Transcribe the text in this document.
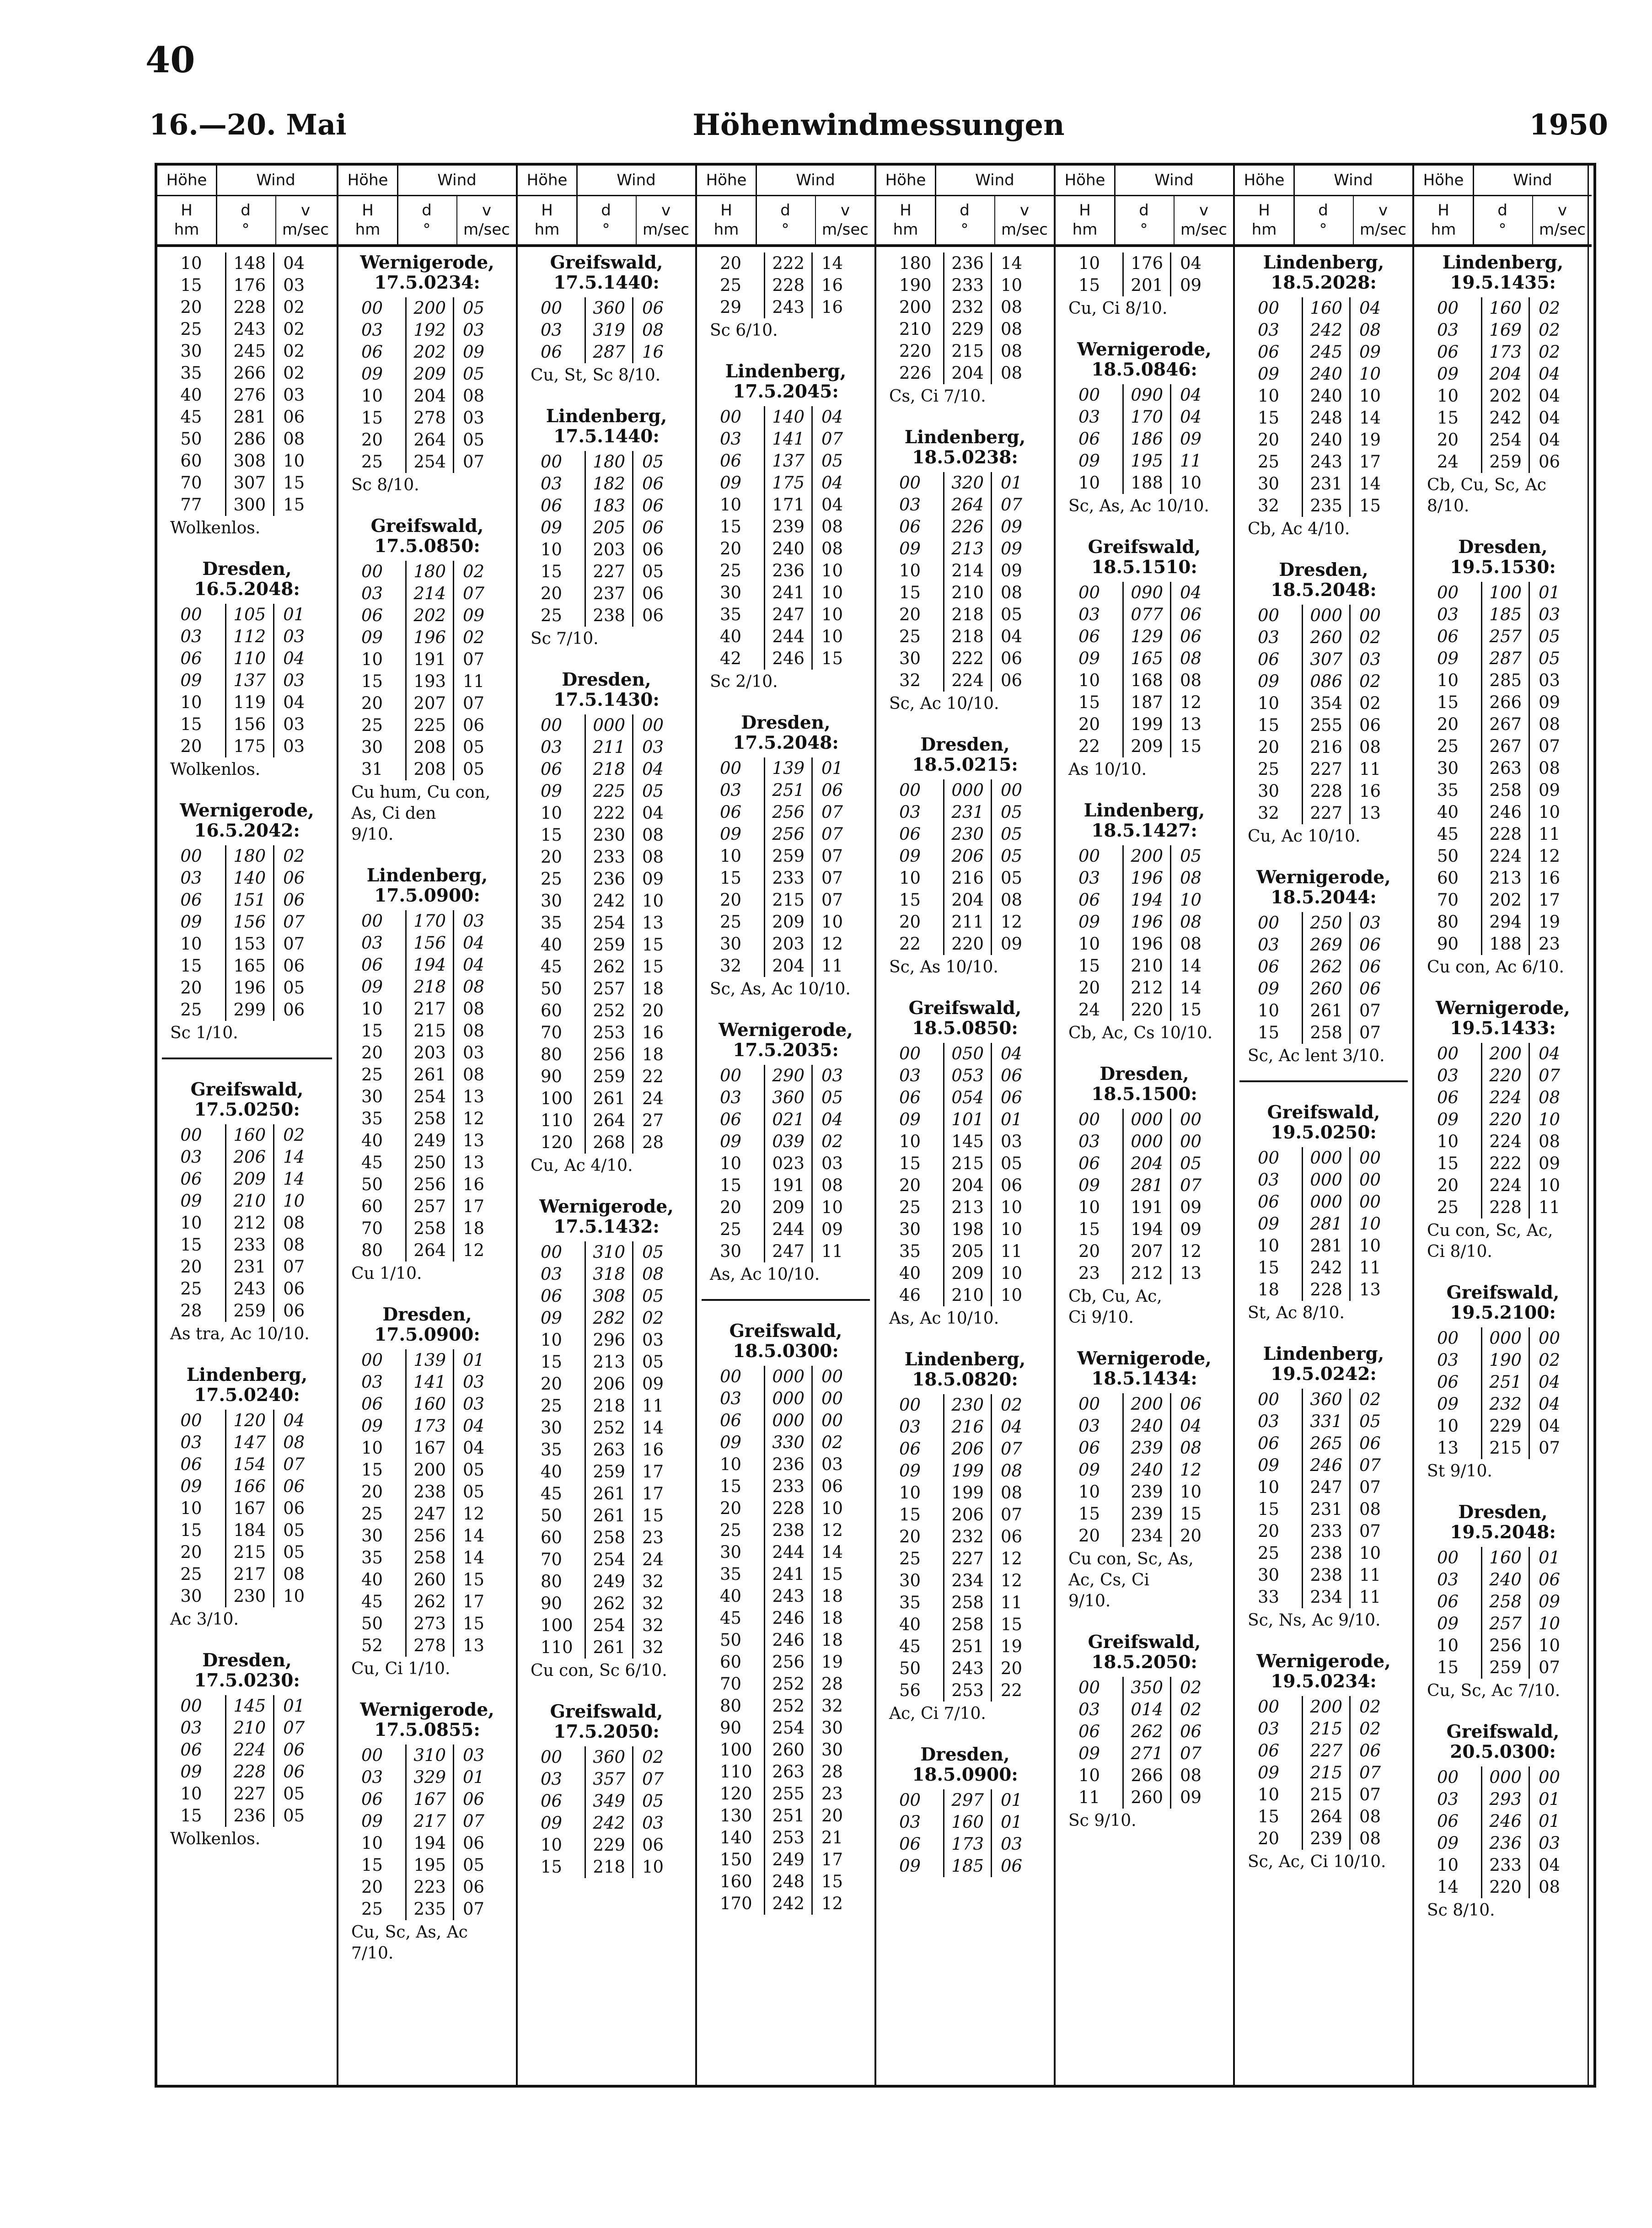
40
16.—20. Mai	Höhenwindmessungen	1950
Höhe	Wind
H
hm
d
°
v
m/sec
10	148	04
15	176	03
20	228	02
25	243	02
30	245	02
35	266	02
40	276	03
45	281	06
50	286	08
60	308	10
70	307	15
77	300	15
Wolkenlos.
Dresden,
16.5.2048:
00	105	01
03	112	03
06	110	04
09	137	03
10	119	04
15	156	03
20	175	03
Wolkenlos.
Wernigerode,
16.5.2042:
00	180	02
03	140	06
06	151	06
09	156	07
10	153	07
15	165	06
20	196	05
25	299	06
Sc 1/10.
Greifswald,
17.5.0250:
00	160	02
03	206	14
06	209	14
09	210	10
10	212	08
15	233	08
20	231	07
25	243	06
28	259	06
As tra, Ac 10/10.
Lindenberg,
17.5.0240:
00	120	04
03	147	08
06	154	07
09	166	06
10	167	06
15	184	05
20	215	05
25	217	08
30	230	10
Ac 3/10.
Dresden,
17.5.0230:
00	145	01
03	210	07
06	224	06
09	228	06
10	227	05
15	236	05
Wolkenlos.
Höhe	Wind
H
hm
d
°
v
m/sec
Wernigerode,
17.5.0234:
00	200	05
03	192	03
06	202	09
09	209	05
10	204	08
15	278	03
20	264	05
25	254	07
Sc 8/10.
Greifswald,
17.5.0850:
00	180	02
03	214	07
06	202	09
09	196	02
10	191	07
15	193	11
20	207	07
25	225	06
30	208	05
31	208	05
Cu hum, Cu con,
As, Ci den
9/10.
Lindenberg,
17.5.0900:
00	170	03
03	156	04
06	194	04
09	218	08
10	217	08
15	215	08
20	203	03
25	261	08
30	254	13
35	258	12
40	249	13
45	250	13
50	256	16
60	257	17
70	258	18
80	264	12
Cu 1/10.
Dresden,
17.5.0900:
00	139	01
03	141	03
06	160	03
09	173	04
10	167	04
15	200	05
20	238	05
25	247	12
30	256	14
35	258	14
40	260	15
45	262	17
50	273	15
52	278	13
Cu, Ci 1/10.
Wernigerode,
17.5.0855:
00	310	03
03	329	01
06	167	06
09	217	07
10	194	06
15	195	05
20	223	06
25	235	07
Cu, Sc, As, Ac
7/10.
Höhe	Wind
H
hm
d
°
v
m/sec
Greifswald,
17.5.1440:
00	360	06
03	319	08
06	287	16
Cu, St, Sc 8/10.
Lindenberg,
17.5.1440:
00	180	05
03	182	06
06	183	06
09	205	06
10	203	06
15	227	05
20	237	06
25	238	06
Sc 7/10.
Dresden,
17.5.1430:
00	000	00
03	211	03
06	218	04
09	225	05
10	222	04
15	230	08
20	233	08
25	236	09
30	242	10
35	254	13
40	259	15
45	262	15
50	257	18
60	252	20
70	253	16
80	256	18
90	259	22
100	261	24
110	264	27
120	268	28
Cu, Ac 4/10.
Wernigerode,
17.5.1432:
00	310	05
03	318	08
06	308	05
09	282	02
10	296	03
15	213	05
20	206	09
25	218	11
30	252	14
35	263	16
40	259	17
45	261	17
50	261	15
60	258	23
70	254	24
80	249	32
90	262	32
100	254	32
110	261	32
Cu con, Sc 6/10.
Greifswald,
17.5.2050:
00	360	02
03	357	07
06	349	05
09	242	03
10	229	06
15	218	10
Höhe	Wind
H
hm
d
°
v
m/sec
20	222	14
25	228	16
29	243	16
Sc 6/10.
Lindenberg,
17.5.2045:
00	140	04
03	141	07
06	137	05
09	175	04
10	171	04
15	239	08
20	240	08
25	236	10
30	241	10
35	247	10
40	244	10
42	246	15
Sc 2/10.
Dresden,
17.5.2048:
00	139	01
03	251	06
06	256	07
09	256	07
10	259	07
15	233	07
20	215	07
25	209	10
30	203	12
32	204	11
Sc, As, Ac 10/10.
Wernigerode,
17.5.2035:
00	290	03
03	360	05
06	021	04
09	039	02
10	023	03
15	191	08
20	209	10
25	244	09
30	247	11
As, Ac 10/10.
Greifswald,
18.5.0300:
00	000	00
03	000	00
06	000	00
09	330	02
10	236	03
15	233	06
20	228	10
25	238	12
30	244	14
35	241	15
40	243	18
45	246	18
50	246	18
60	256	19
70	252	28
80	252	32
90	254	30
100	260	30
110	263	28
120	255	23
130	251	20
140	253	21
150	249	17
160	248	15
170	242	12
Höhe	Wind
H
hm
d
°
v
m/sec
180	236	14
190	233	10
200	232	08
210	229	08
220	215	08
226	204	08
Cs, Ci 7/10.
Lindenberg,
18.5.0238:
00	320	01
03	264	07
06	226	09
09	213	09
10	214	09
15	210	08
20	218	05
25	218	04
30	222	06
32	224	06
Sc, Ac 10/10.
Dresden,
18.5.0215:
00	000	00
03	231	05
06	230	05
09	206	05
10	216	05
15	204	08
20	211	12
22	220	09
Sc, As 10/10.
Greifswald,
18.5.0850:
00	050	04
03	053	06
06	054	06
09	101	01
10	145	03
15	215	05
20	204	06
25	213	10
30	198	10
35	205	11
40	209	10
46	210	10
As, Ac 10/10.
Lindenberg,
18.5.0820:
00	230	02
03	216	04
06	206	07
09	199	08
10	199	08
15	206	07
20	232	06
25	227	12
30	234	12
35	258	11
40	258	15
45	251	19
50	243	20
56	253	22
Ac, Ci 7/10.
Dresden,
18.5.0900:
00	297	01
03	160	01
06	173	03
09	185	06
Höhe	Wind
H
hm
d
°
v
m/sec
10	176	04
15	201	09
Cu, Ci 8/10.
Wernigerode,
18.5.0846:
00	090	04
03	170	04
06	186	09
09	195	11
10	188	10
Sc, As, Ac 10/10.
Greifswald,
18.5.1510:
00	090	04
03	077	06
06	129	06
09	165	08
10	168	08
15	187	12
20	199	13
22	209	15
As 10/10.
Lindenberg,
18.5.1427:
00	200	05
03	196	08
06	194	10
09	196	08
10	196	08
15	210	14
20	212	14
24	220	15
Cb, Ac, Cs 10/10.
Dresden,
18.5.1500:
00	000	00
03	000	00
06	204	05
09	281	07
10	191	09
15	194	09
20	207	12
23	212	13
Cb, Cu, Ac,
Ci 9/10.
Wernigerode,
18.5.1434:
00	200	06
03	240	04
06	239	08
09	240	12
10	239	10
15	239	15
20	234	20
Cu con, Sc, As,
Ac, Cs, Ci
9/10.
Greifswald,
18.5.2050:
00	350	02
03	014	02
06	262	06
09	271	07
10	266	08
11	260	09
Sc 9/10.
Höhe	Wind
H
hm
d
°
v
m/sec
Lindenberg,
18.5.2028:
00	160	04
03	242	08
06	245	09
09	240	10
10	240	10
15	248	14
20	240	19
25	243	17
30	231	14
32	235	15
Cb, Ac 4/10.
Dresden,
18.5.2048:
00	000	00
03	260	02
06	307	03
09	086	02
10	354	02
15	255	06
20	216	08
25	227	11
30	228	16
32	227	13
Cu, Ac 10/10.
Wernigerode,
18.5.2044:
00	250	03
03	269	06
06	262	06
09	260	06
10	261	07
15	258	07
Sc, Ac lent 3/10.
Greifswald,
19.5.0250:
00	000	00
03	000	00
06	000	00
09	281	10
10	281	10
15	242	11
18	228	13
St, Ac 8/10.
Lindenberg,
19.5.0242:
00	360	02
03	331	05
06	265	06
09	246	07
10	247	07
15	231	08
20	233	07
25	238	10
30	238	11
33	234	11
Sc, Ns, Ac 9/10.
Wernigerode,
19.5.0234:
00	200	02
03	215	02
06	227	06
09	215	07
10	215	07
15	264	08
20	239	08
Sc, Ac, Ci 10/10.
Höhe	Wind
H
hm
d
°
v
m/sec
Lindenberg,
19.5.1435:
00	160	02
03	169	02
06	173	02
09	204	04
10	202	04
15	242	04
20	254	04
24	259	06
Cb, Cu, Sc, Ac
8/10.
Dresden,
19.5.1530:
00	100	01
03	185	03
06	257	05
09	287	05
10	285	03
15	266	09
20	267	08
25	267	07
30	263	08
35	258	09
40	246	10
45	228	11
50	224	12
60	213	16
70	202	17
80	294	19
90	188	23
Cu con, Ac 6/10.
Wernigerode,
19.5.1433:
00	200	04
03	220	07
06	224	08
09	220	10
10	224	08
15	222	09
20	224	10
25	228	11
Cu con, Sc, Ac,
Ci 8/10.
Greifswald,
19.5.2100:
00	000	00
03	190	02
06	251	04
09	232	04
10	229	04
13	215	07
St 9/10.
Dresden,
19.5.2048:
00	160	01
03	240	06
06	258	09
09	257	10
10	256	10
15	259	07
Cu, Sc, Ac 7/10.
Greifswald,
20.5.0300:
00	000	00
03	293	01
06	246	01
09	236	03
10	233	04
14	220	08
Sc 8/10.
